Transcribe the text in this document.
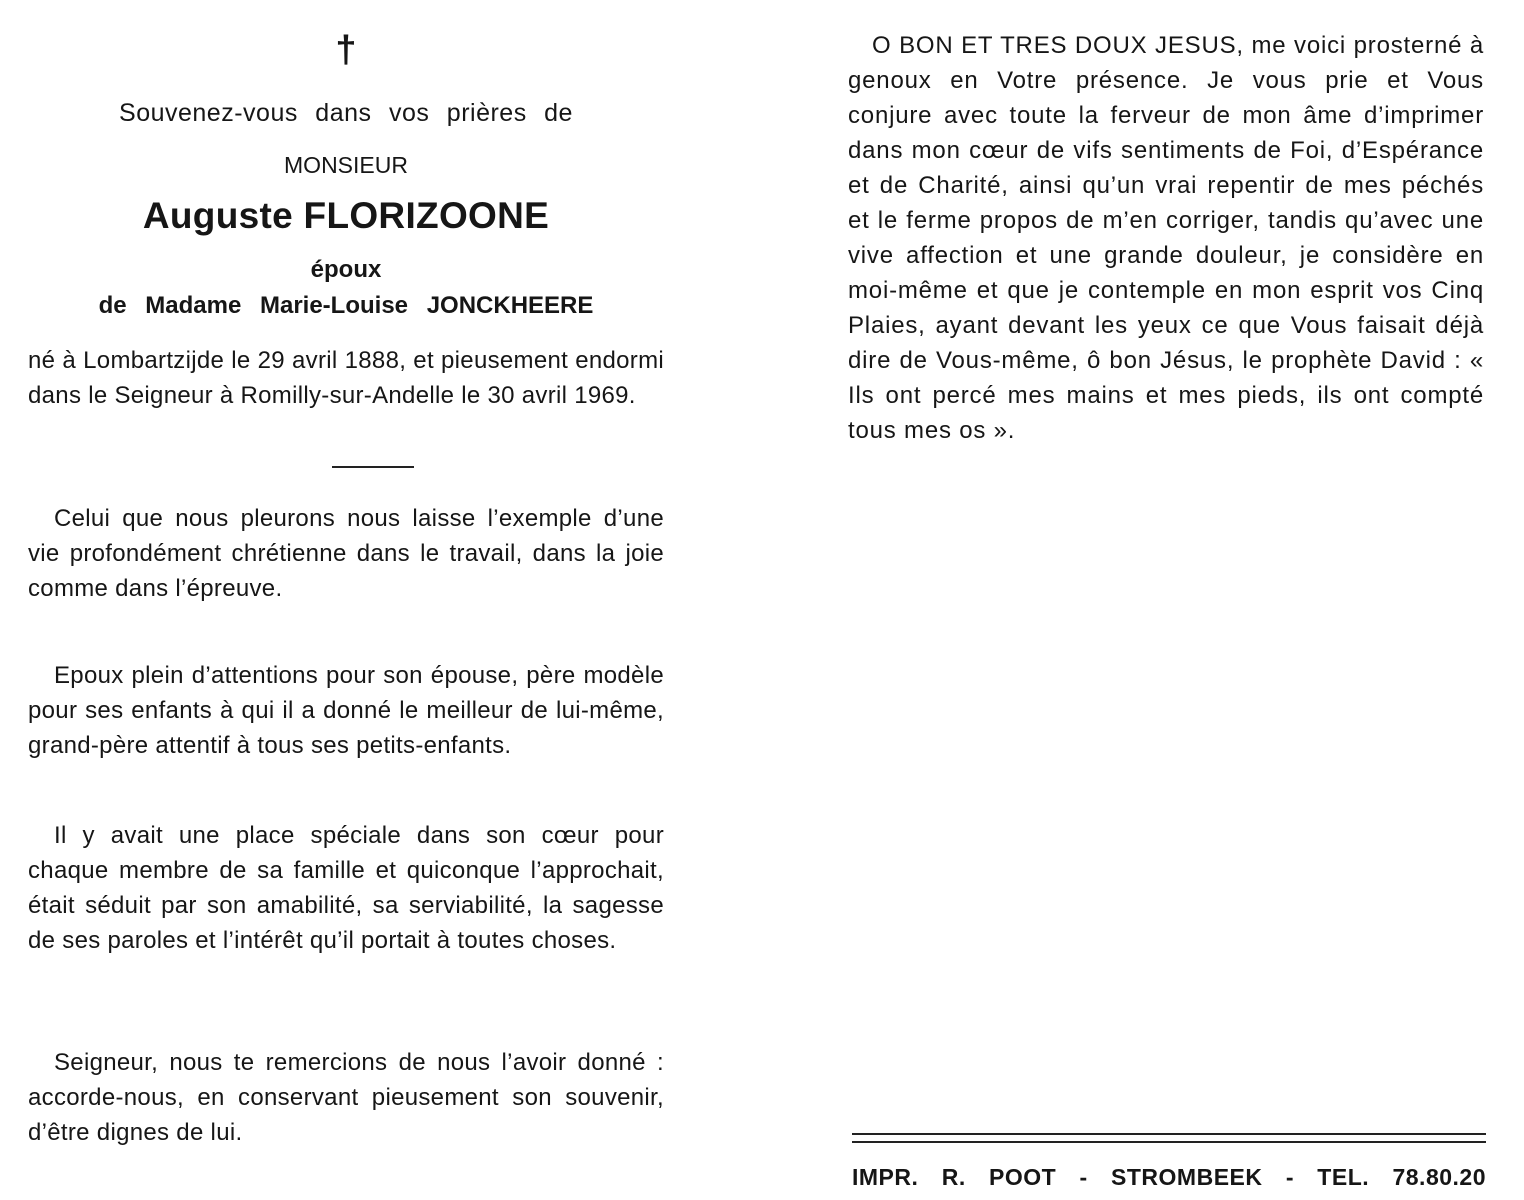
†
Souvenez-vous dans vos prières de
MONSIEUR
Auguste FLORIZOONE
époux
de Madame Marie-Louise JONCKHEERE

né à Lombartzijde le 29 avril 1888, et pieusement endormi dans le Seigneur à Romilly-sur-Andelle le 30 avril 1969.

Celui que nous pleurons nous laisse l’exemple d’une vie profondément chrétienne dans le travail, dans la joie comme dans l’épreuve.

Epoux plein d’attentions pour son épouse, père modèle pour ses enfants à qui il a donné le meilleur de lui-même, grand-père attentif à tous ses petits-enfants.

Il y avait une place spéciale dans son cœur pour chaque membre de sa famille et quiconque l’approchait, était séduit par son amabilité, sa serviabilité, la sagesse de ses paroles et l’intérêt qu’il portait à toutes choses.

Seigneur, nous te remercions de nous l’avoir donné : accorde-nous, en conservant pieusement son souvenir, d’être dignes de lui.

O BON ET TRES DOUX JESUS, me voici prosterné à genoux en Votre présence. Je vous prie et Vous conjure avec toute la ferveur de mon âme d’imprimer dans mon cœur de vifs sentiments de Foi, d’Espérance et de Charité, ainsi qu’un vrai repentir de mes péchés et le ferme propos de m’en corriger, tandis qu’avec une vive affection et une grande douleur, je considère en moi-même et que je contemple en mon esprit vos Cinq Plaies, ayant devant les yeux ce que Vous faisait déjà dire de Vous-même, ô bon Jésus, le prophète David : « Ils ont percé mes mains et mes pieds, ils ont compté tous mes os ».

IMPR. R. POOT - STROMBEEK - TEL. 78.80.20
